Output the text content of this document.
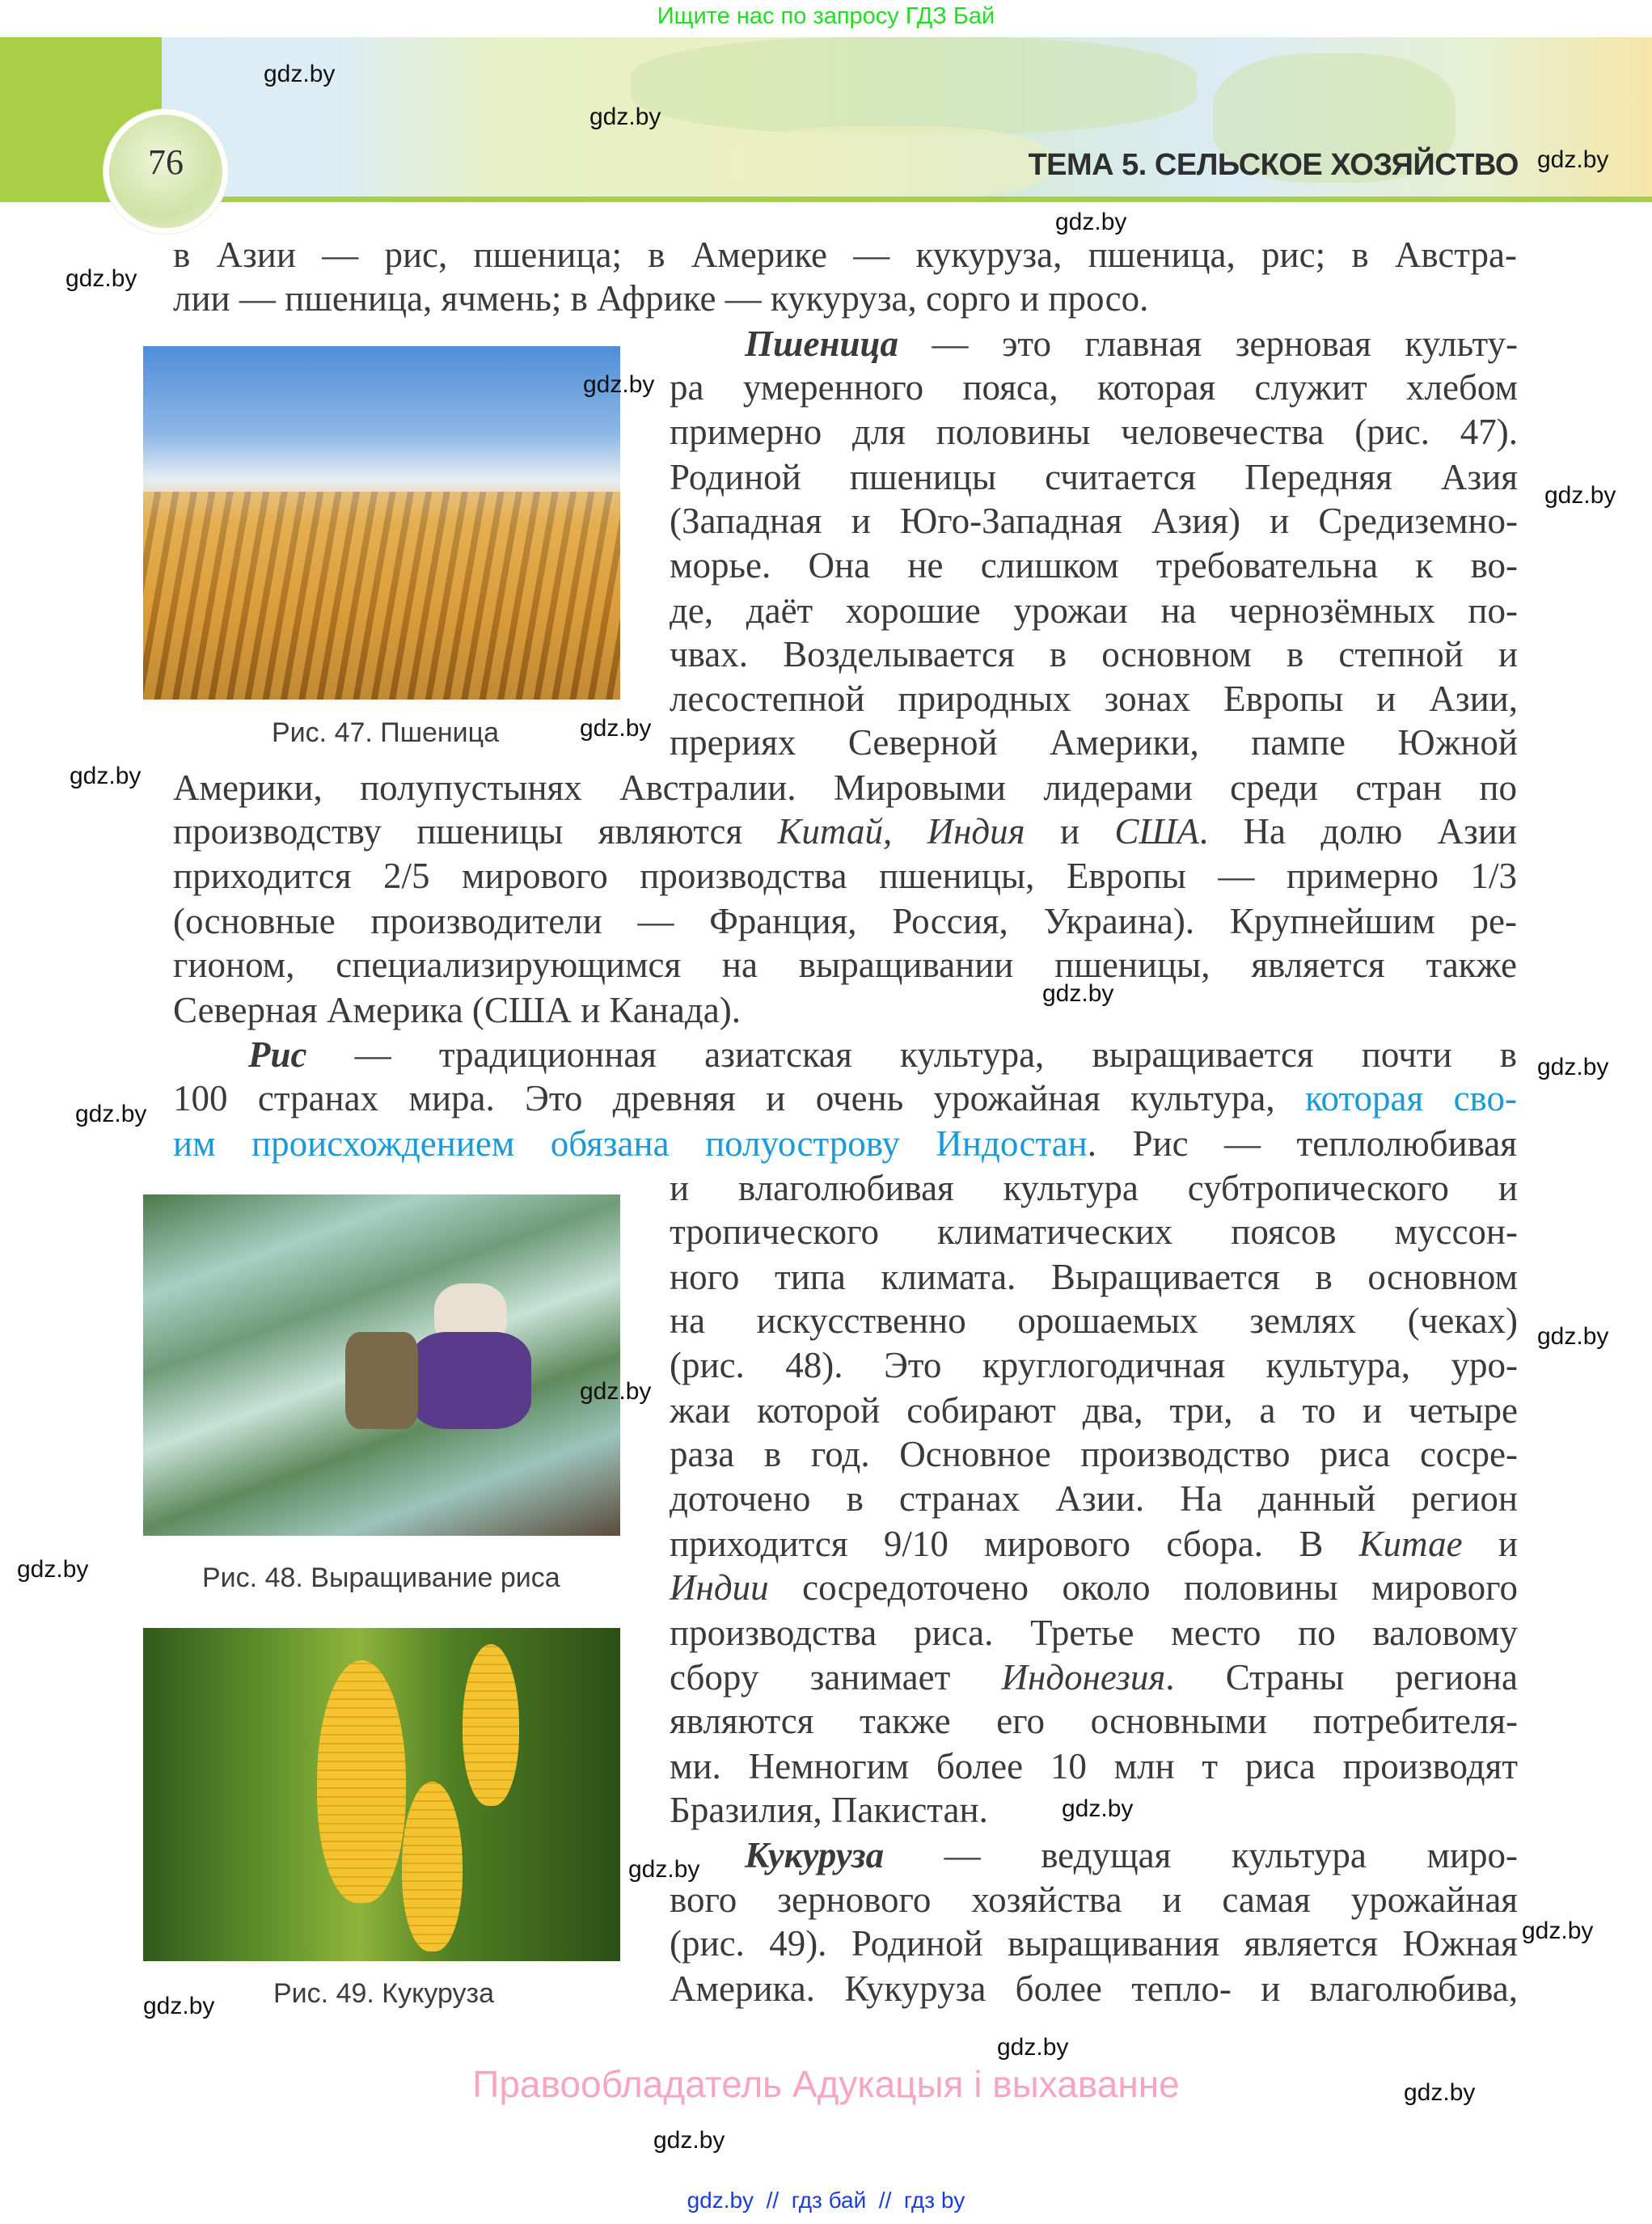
Ищите нас по запросу ГДЗ Бай
76	ТЕМА 5. СЕЛЬСКОЕ ХОЗЯЙСТВО
Рис. 47. Пшеница
Рис. 48. Выращивание риса
Рис. 49. Кукуруза
в Азии — рис, пшеница; в Америке — кукуруза, пшеница, рис; в Австра-
лии — пшеница, ячмень; в Африке — кукуруза, сорго и просо.
Пшеница — это главная зерновая культу-
ра умеренного пояса, которая служит хлебом
примерно для половины человечества (рис. 47).
Родиной пшеницы считается Передняя Азия
(Западная и Юго-Западная Азия) и Средиземно-
морье. Она не слишком требовательна к во-
де, даёт хорошие урожаи на чернозёмных по-
чвах. Возделывается в основном в степной и
лесостепной природных зонах Европы и Азии,
прериях Северной Америки, пампе Южной
Америки, полупустынях Австралии. Мировыми лидерами среди стран по
производству пшеницы являются Китай, Индия и США. На долю Азии
приходится 2/5 мирового производства пшеницы, Европы — примерно 1/3
(основные производители — Франция, Россия, Украина). Крупнейшим ре-
гионом, специализирующимся на выращивании пшеницы, является также
Северная Америка (США и Канада).
Рис — традиционная азиатская культура, выращивается почти в
100 странах мира. Это древняя и очень урожайная культура, которая сво-
им происхождением обязана полуострову Индостан. Рис — теплолюбивая
и влаголюбивая культура субтропического и
тропического климатических поясов муссон-
ного типа климата. Выращивается в основном
на искусственно орошаемых землях (чеках)
(рис. 48). Это круглогодичная культура, уро-
жаи которой собирают два, три, а то и четыре
раза в год. Основное производство риса сосре-
доточено в странах Азии. На данный регион
приходится 9/10 мирового сбора. В Китае и
Индии сосредоточено около половины мирового
производства риса. Третье место по валовому
сбору занимает Индонезия. Страны региона
являются также его основными потребителя-
ми. Немногим более 10 млн т риса производят
Бразилия, Пакистан.
Кукуруза — ведущая культура миро-
вого зернового хозяйства и самая урожайная
(рис. 49). Родиной выращивания является Южная
Америка. Кукуруза более тепло- и влаголюбива,
gdz.by
gdz.by
gdz.by
gdz.by
gdz.by
gdz.by
gdz.by
gdz.by
gdz.by
gdz.by
gdz.by
gdz.by
gdz.by
gdz.by
gdz.by
gdz.by
gdz.by
gdz.by
gdz.by
gdz.by
gdz.by
gdz.by
Правообладатель Адукацыя і выхаванне
gdz.by  //  гдз бай  //  гдз by
